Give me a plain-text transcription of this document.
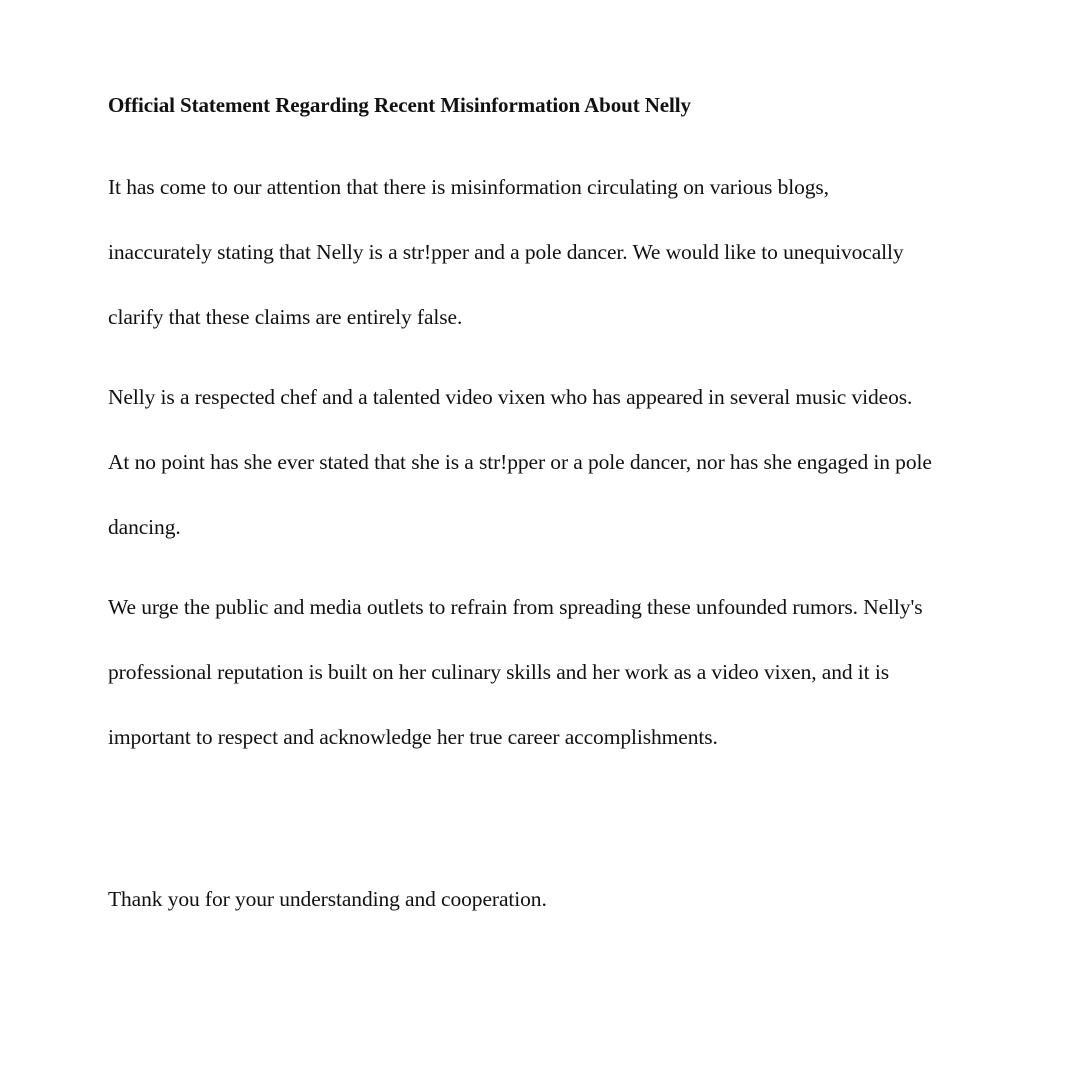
Official Statement Regarding Recent Misinformation About Nelly
It has come to our attention that there is misinformation circulating on various blogs,
inaccurately stating that Nelly is a str!pper and a pole dancer. We would like to unequivocally
clarify that these claims are entirely false.
Nelly is a respected chef and a talented video vixen who has appeared in several music videos.
At no point has she ever stated that she is a str!pper or a pole dancer, nor has she engaged in pole
dancing.
We urge the public and media outlets to refrain from spreading these unfounded rumors. Nelly's
professional reputation is built on her culinary skills and her work as a video vixen, and it is
important to respect and acknowledge her true career accomplishments.
Thank you for your understanding and cooperation.
